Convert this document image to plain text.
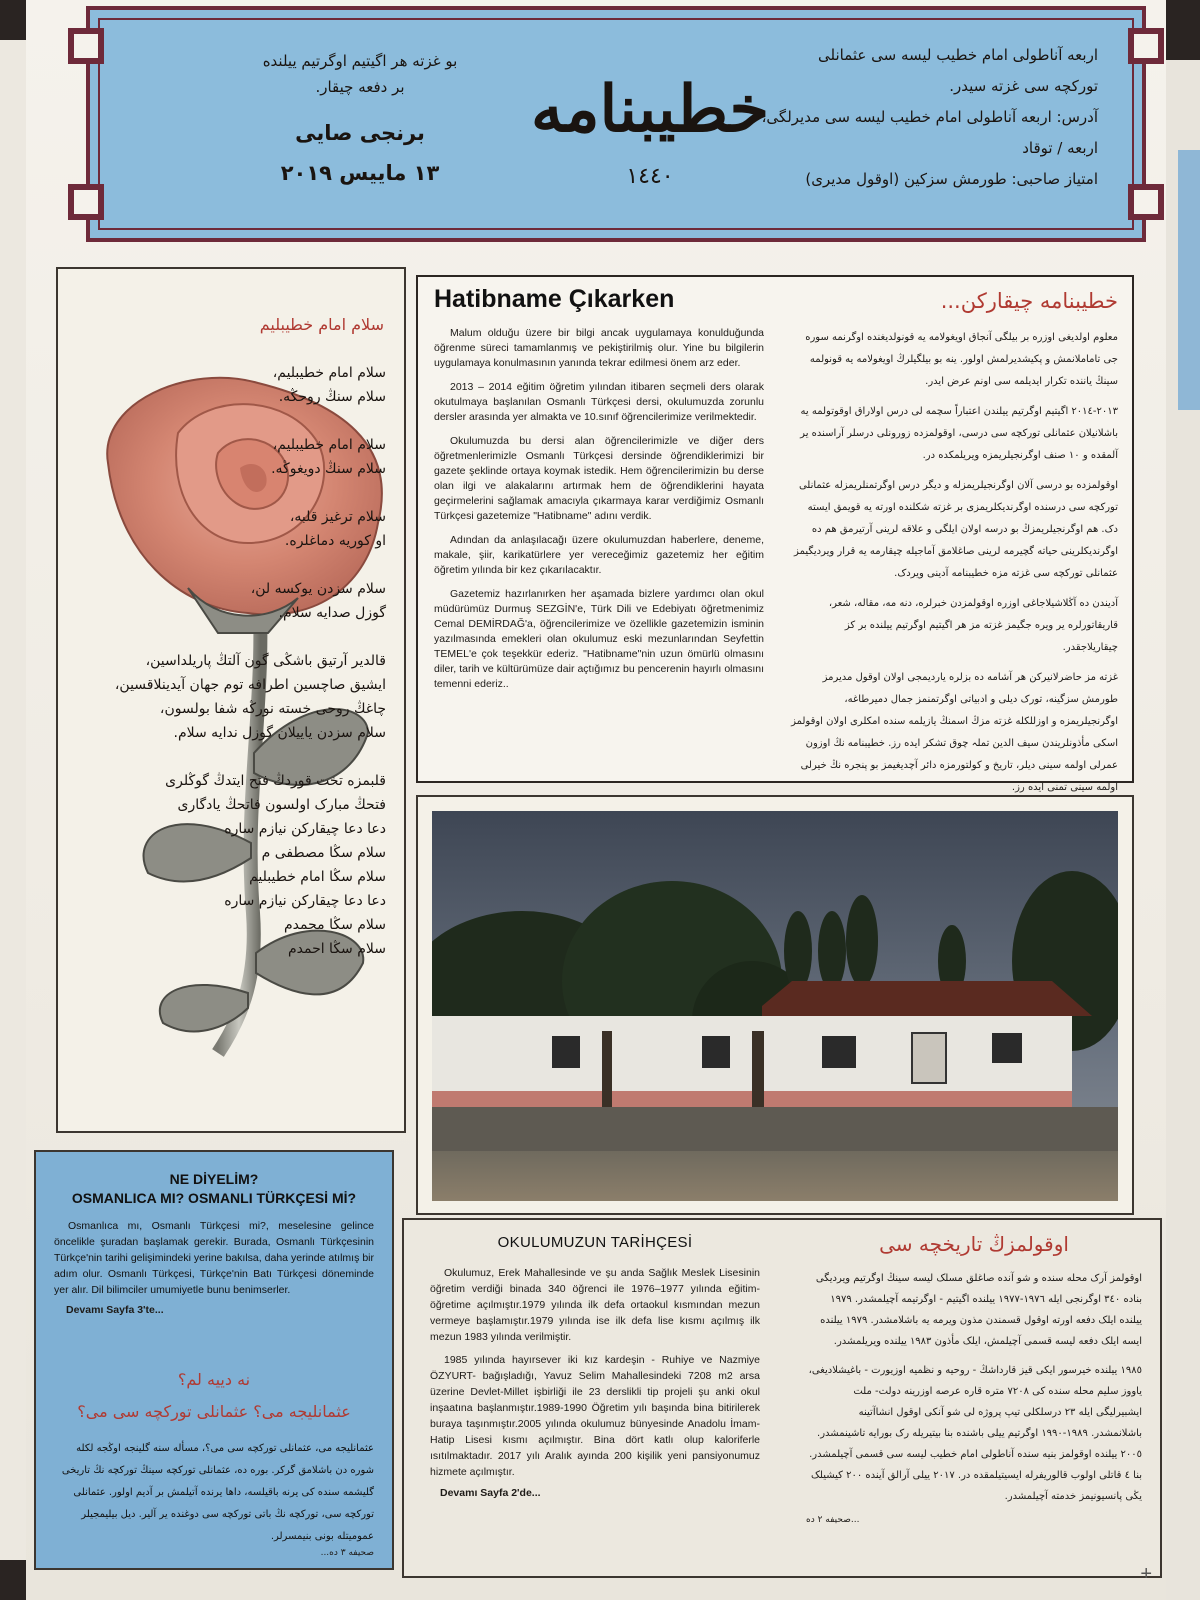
اربعه آناطولی امام خطیب لیسه سی عثمانلی
تورکچه سی غزته سیدر.
آدرس: اربعه آناطولی امام خطیب لیسه سی مدیرلگی،
اربعه / توقاد
امتیاز صاحبی: طورمش سزکین (اوقول مدیری)
خطیبنامه
١٤٤٠
بو غزته هر اگیتیم اوگرتیم ییلنده
بر دفعه چیقار.
برنجی صایی
١٣ ماییس ٢٠١٩
سلام امام خطیبلیم
سلام امام خطیبلیم،
سلام سنڭ روحڭه.
سلام امام خطیبلیم،
سلام سنڭ دویغوڭه.
سلام ترغیز قلبه،
او کوریه دماغلره.
سلام سزدن یوکسه لن،
گوزل صدایه سلام.
قالدیر آرتیق باشڭی گون آلتڭ پاریلداسین،
ایشیق صاچسین اطرافه توم جهان آیدینلاقسین،
چاغڭ روحی خسته نورڭه شفا بولسون،
سلام سزدن یاییلان گوزل ندایه سلام.
قلبمزه تخت قوردڭ فتح ایتدڭ گوڭلری
فتحڭ مبارک اولسون فاتحڭ یادگاری
دعا دعا چیقارکن نیازم ساره
سلام سڭا مصطفی م
سلام سڭا امام خطیبلیم
دعا دعا چیقارکن نیازم ساره
سلام سڭا محمدم
سلام سڭا احمدم
Hatibname Çıkarken

Malum olduğu üzere bir bilgi ancak uygulamaya konulduğunda öğrenme süreci tamamlanmış ve pekiştirilmiş olur. Yine bu bilgilerin uygulamaya konulmasının yanında tekrar edilmesi önem arz eder.

2013 – 2014 eğitim öğretim yılından itibaren seçmeli ders olarak okutulmaya başlanılan Osmanlı Türkçesi dersi, okulumuzda zorunlu dersler arasında yer almakta ve 10.sınıf öğrencilerimize verilmektedir.

Okulumuzda bu dersi alan öğrencilerimizle ve diğer ders öğretmenlerimizle Osmanlı Türkçesi dersinde öğrendiklerimizi bir gazete şeklinde ortaya koymak istedik. Hem öğrencilerimizin bu derse olan ilgi ve alakalarını artırmak hem de öğrendiklerini hayata geçirmelerini sağlamak amacıyla çıkarmaya karar verdiğimiz Osmanlı Türkçesi gazetemize "Hatibname" adını verdik.

Adından da anlaşılacağı üzere okulumuzdan haberlere, deneme, makale, şiir, karikatürlere yer vereceğimiz gazetemiz her eğitim öğretim yılında bir kez çıkarılacaktır.

Gazetemiz hazırlanırken her aşamada bizlere yardımcı olan okul müdürümüz Durmuş SEZGİN'e, Türk Dili ve Edebiyatı öğretmenimiz Cemal DEMİRDAĞ'a, öğrencilerimize ve özellikle gazetemizin isminin yazılmasında emekleri olan okulumuz eski mezunlarından Seyfettin TEMEL'e çok teşekkür ederiz. "Hatibname"nin uzun ömürlü olmasını diler, tarih ve kültürümüze dair açtığımız bu pencerenin hayırlı olmasını temenni ederiz..

خطیبنامه چیقارکن...

معلوم اولدیغی اوزره بر بیلگی آنجاق اویغولامه یه قونولدیغنده اوگرنمه سوره جی تاماملانمش و پکیشدیرلمش اولور. ینه بو بیلگیلرڭ اویغولامه یه قونولمه سینڭ یاننده تکرار ایدیلمه سی اونم عرض ایدر.

٢٠١٣-٢٠١٤ اگیتیم اوگرتیم ییلندن اعتباراً سچمه لی درس اولاراق اوقوتولمه یه باشلانیلان عثمانلی تورکچه سی درسی، اوقولمزده زورونلی درسلر آراسنده یر آلمقده و ١٠ صنف اوگرنجیلریمزه ویریلمکده در.

اوقولمزده بو درسی آلان اوگرنجیلریمزله و دیگر درس اوگرتمنلریمزله عثمانلی تورکچه سی درسنده اوگرندیکلریمزی بر غزته شکلنده اورته یه قویمق ایسته دک. هم اوگرنجیلریمزڭ بو درسه اولان ایلگی و علاقه لرینی آرتیرمق هم ده اوگرندیکلرینی حیاته گچیرمه لرینی صاغلامق آماجیله چیقارمه یه قرار ویردیگیمز عثمانلی تورکچه سی غزته مزه خطیبنامه آدینی ویردک.

آدیندن ده آڭلاشیلاجاغی اوزره اوقولمزدن خبرلره، دنه مه، مقاله، شعر، قاریقاتورلره یر ویره جگیمز غزته مز هر اگیتیم اوگرتیم ییلنده بر کز چیقاریلاجقدر.

غزته مز حاضرلانیرکن هر آشامه ده بزلره یاردیمجی اولان اوقول مدیرمز طورمش سزگینه، تورک دیلی و ادبیاتی اوگرتمنمز جمال دمیرطاغه، اوگرنجیلریمزه و اوزللکله غزته مزڭ اسمنڭ یازیلمه سنده امکلری اولان اوقولمز اسکی مأذونلریندن سیف الدین تملہ چوق تشکر ایده رز. خطیبنامه نڭ اوزون عمرلی اولمه سینی دیلر، تاریخ و کولتورمزه دائر آچدیغیمز بو پنجره نڭ خیرلی اولمه سینی تمنی ایده رز.

OKULUMUZUN TARİHÇESİ

Okulumuz, Erek Mahallesinde ve şu anda Sağlık Meslek Lisesinin öğretim verdiği binada 340 öğrenci ile 1976–1977 yılında eğitim-öğretime açılmıştır.1979 yılında ilk defa ortaokul kısmından mezun vermeye başlamıştır.1979 yılında ise ilk defa lise kısmı açılmış ilk mezun 1983 yılında verilmiştir.

1985 yılında hayırsever iki kız kardeşin - Ruhiye ve Nazmiye ÖZYURT- bağışladığı, Yavuz Selim Mahallesindeki 7208 m2 arsa üzerine Devlet-Millet işbirliği ile 23 derslikli tip projeli şu anki okul inşaatına başlanmıştır.1989-1990 Öğretim yılı başında bina bitirilerek buraya taşınmıştır.2005 yılında okulumuz bünyesinde Anadolu İmam-Hatip Lisesi kısmı açılmıştır. Bina dört katlı olup kaloriferle ısıtılmaktadır. 2017 yılı Aralık ayında 200 kişilik yeni pansiyonumuz hizmete açılmıştır.

Devamı Sayfa 2'de...
اوقولمزڭ تاریخچه سی

اوقولمز آرک محله سنده و شو آنده صاغلق مسلک لیسه سینڭ اوگرتیم ویردیگی بناده ٣٤٠ اوگرنجی ایله ١٩٧٦-١٩٧٧ ییلنده اگیتیم - اوگرتیمه آچیلمشدر. ١٩٧٩ ییلنده ایلک دفعه اورته اوقول قسمندن مذون ویرمه یه باشلامشدر. ١٩٧٩ ییلنده ایسه ایلک دفعه لیسه قسمی آچیلمش، ایلک مأذون ١٩٨٣ ییلنده ویریلمشدر.

١٩٨٥ ییلنده خیرسور ایکی قیز قارداشڭ - روحیه و نظمیه اوزیورت - باغیشلادیغی، یاووز سلیم محله سنده کی ٧٢٠٨ متره قاره عرصه اوزرینه دولت- ملت ایشبیرلیگی ایله ٢٣ درسلکلی تیپ پروژه لی شو آنکی اوقول انشاآتینه باشلانمشدر. ١٩٨٩-١٩٩٠ اوگرتیم ییلی باشنده بنا بیتیریله رک بورایه تاشینمشدر. ٢٠٠٥ ییلنده اوقولمز بنیه سنده آناطولی امام خطیب لیسه سی قسمی آچیلمشدر. بنا ٤ قاتلی اولوب قالوریفرله ایسیتیلمقده در. ٢٠١٧ ییلی آرالق آینده ٢٠٠ کیشیلک یڭی پانسیونیمز خدمته آچیلمشدر.

صحیفه ٢ ده...
+
NE DİYELİM?
OSMANLICA MI? OSMANLI TÜRKÇESİ Mİ?

Osmanlıca mı, Osmanlı Türkçesi mi?, meselesine gelince öncelikle şuradan başlamak gerekir. Burada, Osmanlı Türkçesinin Türkçe'nin tarihi gelişimindeki yerine bakılsa, daha yerinde atılmış bir adım olur. Osmanlı Türkçesi, Türkçe'nin Batı Türkçesi döneminde yer alır. Dil bilimciler umumiyetle bunu benimserler.

Devamı Sayfa 3'te...
نه دییه لم؟
عثمانلیجه می؟ عثمانلی تورکچه سی می؟
عثمانلیجه می، عثمانلی تورکچه سی می؟، مسأله سنه گلینجه اوڭجه لکله شوره دن باشلامق گرکر. بوره ده، عثمانلی تورکچه سینڭ تورکچه نڭ تاریخی گلیشمه سنده کی یرنه باقیلسه، داها یرنده آتیلمش بر آدیم اولور. عثمانلی تورکچه سی، تورکچه نڭ باتی تورکچه سی دوغنده یر آلیر. دیل بیلیمجیلر عمومیتله بونی بنیمسرلر.
صحیفه ٣ ده...
